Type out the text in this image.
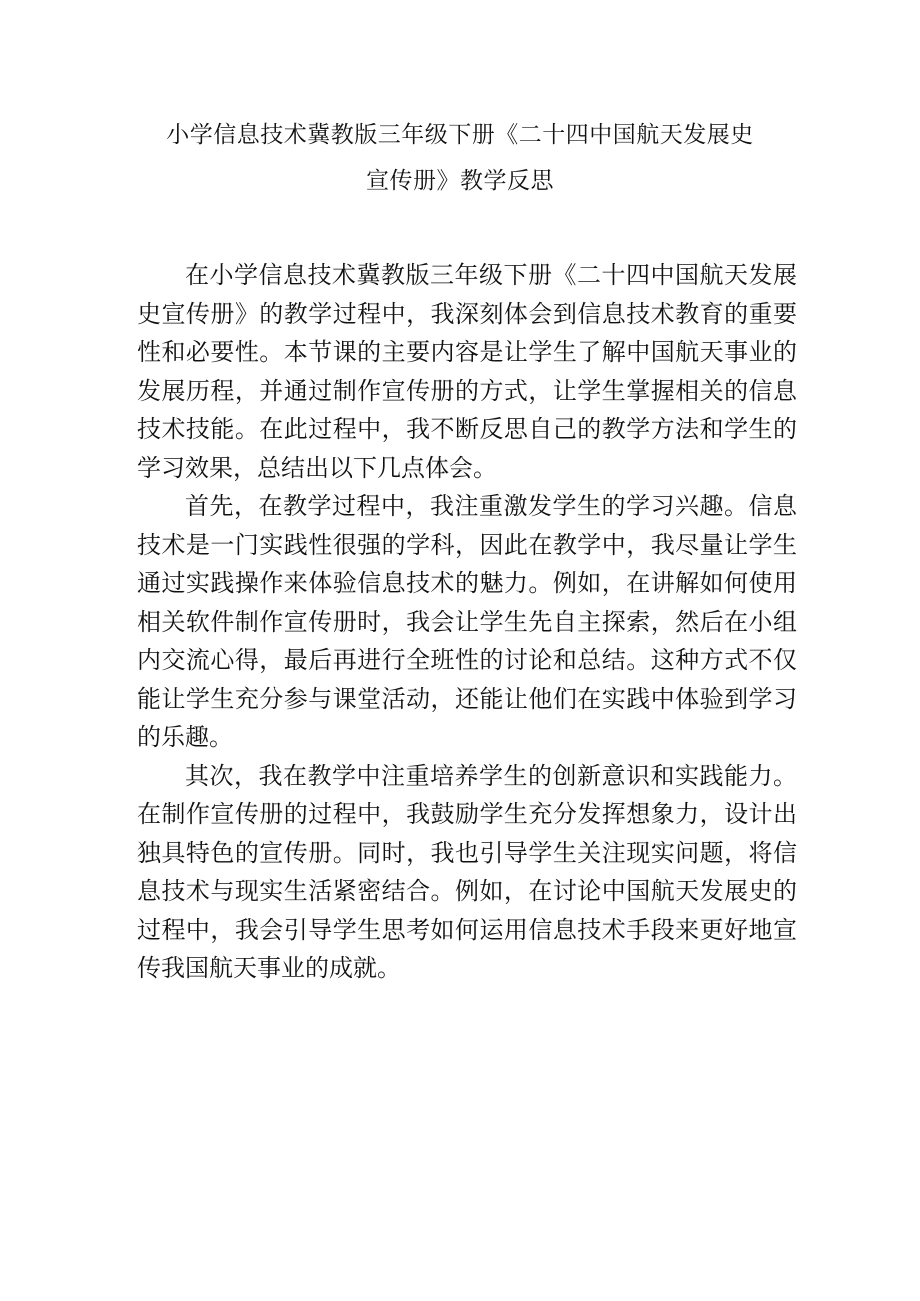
小学信息技术冀教版三年级下册《二十四中国航天发展史
宣传册》教学反思

在小学信息技术冀教版三年级下册《二十四中国航天发展史宣传册》的教学过程中，我深刻体会到信息技术教育的重要性和必要性。本节课的主要内容是让学生了解中国航天事业的发展历程，并通过制作宣传册的方式，让学生掌握相关的信息技术技能。在此过程中，我不断反思自己的教学方法和学生的学习效果，总结出以下几点体会。

首先，在教学过程中，我注重激发学生的学习兴趣。信息技术是一门实践性很强的学科，因此在教学中，我尽量让学生通过实践操作来体验信息技术的魅力。例如，在讲解如何使用相关软件制作宣传册时，我会让学生先自主探索，然后在小组内交流心得，最后再进行全班性的讨论和总结。这种方式不仅能让学生充分参与课堂活动，还能让他们在实践中体验到学习的乐趣。

其次，我在教学中注重培养学生的创新意识和实践能力。在制作宣传册的过程中，我鼓励学生充分发挥想象力，设计出独具特色的宣传册。同时，我也引导学生关注现实问题，将信息技术与现实生活紧密结合。例如，在讨论中国航天发展史的过程中，我会引导学生思考如何运用信息技术手段来更好地宣传我国航天事业的成就。
